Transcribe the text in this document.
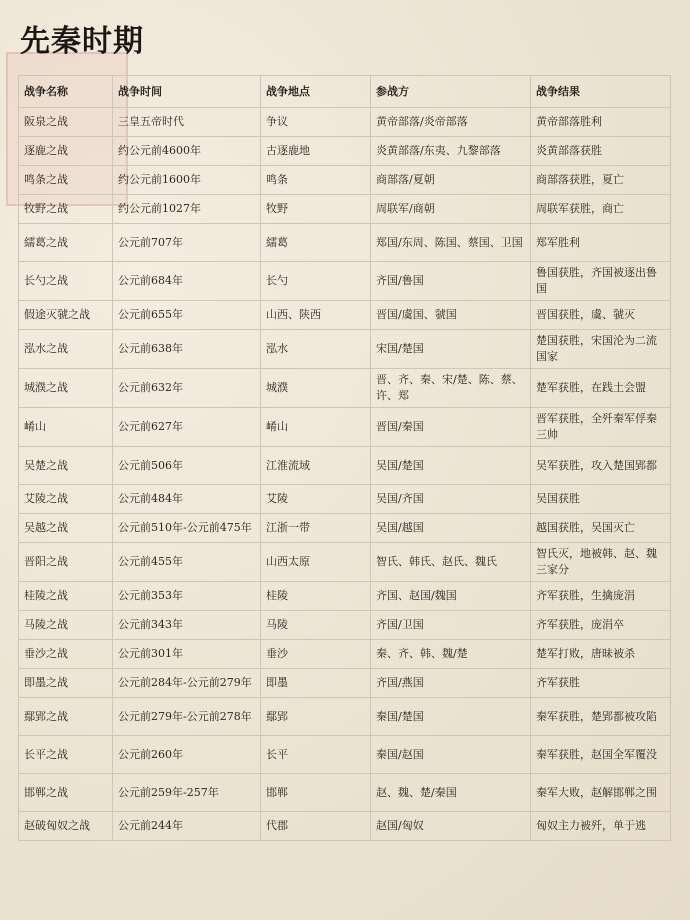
先秦时期
战争名称	战争时间	战争地点	参战方	战争结果
阪泉之战	三皇五帝时代	争议	黄帝部落/炎帝部落	黄帝部落胜利
逐鹿之战	约公元前4600年	古逐鹿地	炎黄部落/东夷、九黎部落	炎黄部落获胜
鸣条之战	约公元前1600年	鸣条	商部落/夏朝	商部落获胜，夏亡
牧野之战	约公元前1027年	牧野	周联军/商朝	周联军获胜，商亡
繻葛之战	公元前707年	繻葛	郑国/东周、陈国、蔡国、卫国	郑军胜利
长勺之战	公元前684年	长勺	齐国/鲁国	鲁国获胜，齐国被逐出鲁国
假途灭虢之战	公元前655年	山西、陕西	晋国/虞国、虢国	晋国获胜，虞、虢灭
泓水之战	公元前638年	泓水	宋国/楚国	楚国获胜，宋国沦为二流国家
城濮之战	公元前632年	城濮	晋、齐、秦、宋/楚、陈、蔡、许、郑	楚军获胜，在践土会盟
崤山	公元前627年	崤山	晋国/秦国	晋军获胜，全歼秦军俘秦三帅
吴楚之战	公元前506年	江淮流域	吴国/楚国	吴军获胜，攻入楚国郢都
艾陵之战	公元前484年	艾陵	吴国/齐国	吴国获胜
吴越之战	公元前510年-公元前475年	江浙一带	吴国/越国	越国获胜，吴国灭亡
晋阳之战	公元前455年	山西太原	智氏、韩氏、赵氏、魏氏	智氏灭，地被韩、赵、魏三家分
桂陵之战	公元前353年	桂陵	齐国、赵国/魏国	齐军获胜，生擒庞涓
马陵之战	公元前343年	马陵	齐国/卫国	齐军获胜，庞涓卒
垂沙之战	公元前301年	垂沙	秦、齐、韩、魏/楚	楚军打败，唐昧被杀
即墨之战	公元前284年-公元前279年	即墨	齐国/燕国	齐军获胜
鄢郢之战	公元前279年-公元前278年	鄢郢	秦国/楚国	秦军获胜，楚郢都被攻陷
长平之战	公元前260年	长平	秦国/赵国	秦军获胜，赵国全军覆没
邯郸之战	公元前259年-257年	邯郸	赵、魏、楚/秦国	秦军大败，赵解邯郸之围
赵破匈奴之战	公元前244年	代郡	赵国/匈奴	匈奴主力被歼，单于逃
